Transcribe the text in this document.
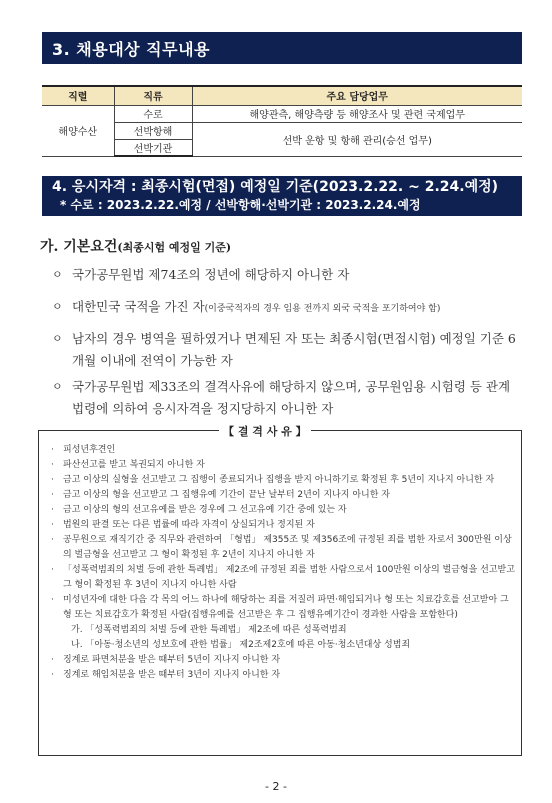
3. 채용대상 직무내용
직렬	직류	주요 담당업무
해양수산	수로	해양관측, 해양측량 등 해양조사 및 관련 국제업무
	선박항해	선박 운항 및 항해 관리(승선 업무)
	선박기관	
4. 응시자격 : 최종시험(면접) 예정일 기준(2023.2.22. ~ 2.24.예정)
* 수로 : 2023.2.22.예정 / 선박항해·선박기관 : 2023.2.24.예정
가. 기본요건(최종시험 예정일 기준)
ㅇ 국가공무원법 제74조의 정년에 해당하지 아니한 자
ㅇ 대한민국 국적을 가진 자(이중국적자의 경우 임용 전까지 외국 국적을 포기하여야 함)
ㅇ 남자의 경우 병역을 필하였거나 면제된 자 또는 최종시험(면접시험) 예정일 기준 6개월 이내에 전역이 가능한 자
ㅇ 국가공무원법 제33조의 결격사유에 해당하지 않으며, 공무원임용 시험령 등 관계법령에 의하여 응시자격을 정지당하지 아니한 자
【 결 격 사 유 】
· 피성년후견인
· 파산선고를 받고 복권되지 아니한 자
· 금고 이상의 실형을 선고받고 그 집행이 종료되거나 집행을 받지 아니하기로 확정된 후 5년이 지나지 아니한 자
· 금고 이상의 형을 선고받고 그 집행유예 기간이 끝난 날부터 2년이 지나지 아니한 자
· 금고 이상의 형의 선고유예를 받은 경우에 그 선고유예 기간 중에 있는 자
· 법원의 판결 또는 다른 법률에 따라 자격이 상실되거나 정지된 자
· 공무원으로 재직기간 중 직무와 관련하여 「형법」 제355조 및 제356조에 규정된 죄를 범한 자로서 300만원 이상의 벌금형을 선고받고 그 형이 확정된 후 2년이 지나지 아니한 자
· 「성폭력범죄의 처벌 등에 관한 특례법」 제2조에 규정된 죄를 범한 사람으로서 100만원 이상의 벌금형을 선고받고 그 형이 확정된 후 3년이 지나지 아니한 사람
· 미성년자에 대한 다음 각 목의 어느 하나에 해당하는 죄를 저질러 파면·해임되거나 형 또는 치료감호를 선고받아 그 형 또는 치료감호가 확정된 사람(집행유예를 선고받은 후 그 집행유예기간이 경과한 사람을 포함한다)
가. 「성폭력범죄의 처벌 등에 관한 특례법」 제2조에 따른 성폭력범죄
나. 「아동·청소년의 성보호에 관한 법률」 제2조제2호에 따른 아동·청소년대상 성범죄
· 징계로 파면처분을 받은 때부터 5년이 지나지 아니한 자
· 징계로 해임처분을 받은 때부터 3년이 지나지 아니한 자
- 2 -
